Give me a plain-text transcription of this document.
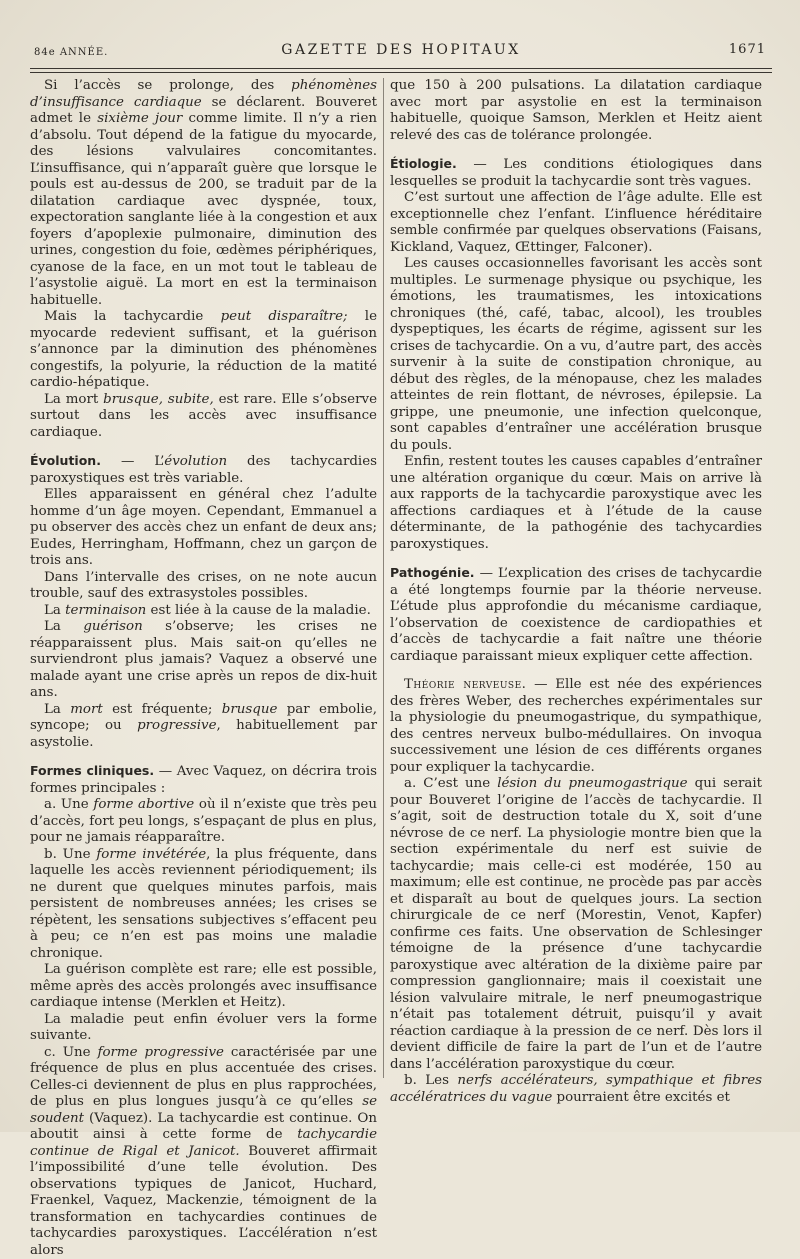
84e ANNÉE.	GAZETTE DES HOPITAUX	1671

Si l’accès se prolonge, des phénomènes d’insuffisance cardiaque se déclarent. Bouveret admet le sixième jour comme limite. Il n’y a rien d’absolu. Tout dépend de la fatigue du myocarde, des lésions valvulaires concomitantes. L’insuffisance, qui n’apparaît guère que lorsque le pouls est au-dessus de 200, se traduit par de la dilatation cardiaque avec dyspnée, toux, expectoration sanglante liée à la congestion et aux foyers d’apoplexie pulmonaire, diminution des urines, congestion du foie, œdèmes périphériques, cyanose de la face, en un mot tout le tableau de l’asystolie aiguë. La mort en est la terminaison habituelle.

Mais la tachycardie peut disparaître; le myocarde redevient suffisant, et la guérison s’annonce par la diminution des phénomènes congestifs, la polyurie, la réduction de la matité cardio-hépatique.

La mort brusque, subite, est rare. Elle s’observe surtout dans les accès avec insuffisance cardiaque.

Évolution. — L’évolution des tachycardies paroxystiques est très variable.

Elles apparaissent en général chez l’adulte homme d’un âge moyen. Cependant, Emmanuel a pu observer des accès chez un enfant de deux ans; Eudes, Herringham, Hoffmann, chez un garçon de trois ans.

Dans l’intervalle des crises, on ne note aucun trouble, sauf des extrasystoles possibles.

La terminaison est liée à la cause de la maladie.

La guérison s’observe; les crises ne réapparaissent plus. Mais sait-on qu’elles ne surviendront plus jamais? Vaquez a observé une malade ayant une crise après un repos de dix-huit ans.

La mort est fréquente; brusque par embolie, syncope; ou progressive, habituellement par asystolie.

Formes cliniques. — Avec Vaquez, on décrira trois formes principales :

a. Une forme abortive où il n’existe que très peu d’accès, fort peu longs, s’espaçant de plus en plus, pour ne jamais réapparaître.

b. Une forme invétérée, la plus fréquente, dans laquelle les accès reviennent périodiquement; ils ne durent que quelques minutes parfois, mais persistent de nombreuses années; les crises se répètent, les sensations subjectives s’effacent peu à peu; ce n’en est pas moins une maladie chronique.

La guérison complète est rare; elle est possible, même après des accès prolongés avec insuffisance cardiaque intense (Merklen et Heitz).

La maladie peut enfin évoluer vers la forme suivante.

c. Une forme progressive caractérisée par une fréquence de plus en plus accentuée des crises. Celles-ci deviennent de plus en plus rapprochées, de plus en plus longues jusqu’à ce qu’elles se soudent (Vaquez). La tachycardie est continue. On aboutit ainsi à cette forme de tachycardie continue de Rigal et Janicot. Bouveret affirmait l’impossibilité d’une telle évolution. Des observations typiques de Janicot, Huchard, Fraenkel, Vaquez, Mackenzie, témoignent de la transformation en tachycardies continues de tachycardies paroxystiques. L’accélération n’est alors

que 150 à 200 pulsations. La dilatation cardiaque avec mort par asystolie en est la terminaison habituelle, quoique Samson, Merklen et Heitz aient relevé des cas de tolérance prolongée.

Étiologie. — Les conditions étiologiques dans lesquelles se produit la tachycardie sont très vagues.

C’est surtout une affection de l’âge adulte. Elle est exceptionnelle chez l’enfant. L’influence héréditaire semble confirmée par quelques observations (Faisans, Kickland, Vaquez, Œttinger, Falconer).

Les causes occasionnelles favorisant les accès sont multiples. Le surmenage physique ou psychique, les émotions, les traumatismes, les intoxications chroniques (thé, café, tabac, alcool), les troubles dyspeptiques, les écarts de régime, agissent sur les crises de tachycardie. On a vu, d’autre part, des accès survenir à la suite de constipation chronique, au début des règles, de la ménopause, chez les malades atteintes de rein flottant, de névroses, épilepsie. La grippe, une pneumonie, une infection quelconque, sont capables d’entraîner une accélération brusque du pouls.

Enfin, restent toutes les causes capables d’entraîner une altération organique du cœur. Mais on arrive là aux rapports de la tachycardie paroxystique avec les affections cardiaques et à l’étude de la cause déterminante, de la pathogénie des tachycardies paroxystiques.

Pathogénie. — L’explication des crises de tachycardie a été longtemps fournie par la théorie nerveuse. L’étude plus approfondie du mécanisme cardiaque, l’observation de coexistence de cardiopathies et d’accès de tachycardie a fait naître une théorie cardiaque paraissant mieux expliquer cette affection.

Théorie nerveuse. — Elle est née des expériences des frères Weber, des recherches expérimentales sur la physiologie du pneumogastrique, du sympathique, des centres nerveux bulbo-médullaires. On invoqua successivement une lésion de ces différents organes pour expliquer la tachycardie.

a. C’est une lésion du pneumogastrique qui serait pour Bouveret l’origine de l’accès de tachycardie. Il s’agit, soit de destruction totale du X, soit d’une névrose de ce nerf. La physiologie montre bien que la section expérimentale du nerf est suivie de tachycardie; mais celle-ci est modérée, 150 au maximum; elle est continue, ne procède pas par accès et disparaît au bout de quelques jours. La section chirurgicale de ce nerf (Morestin, Venot, Kapfer) confirme ces faits. Une observation de Schlesinger témoigne de la présence d’une tachycardie paroxystique avec altération de la dixième paire par compression ganglionnaire; mais il coexistait une lésion valvulaire mitrale, le nerf pneumogastrique n’était pas totalement détruit, puisqu’il y avait réaction cardiaque à la pression de ce nerf. Dès lors il devient difficile de faire la part de l’un et de l’autre dans l’accélération paroxystique du cœur.

b. Les nerfs accélérateurs, sympathique et fibres accélératrices du vague pourraient être excités et
